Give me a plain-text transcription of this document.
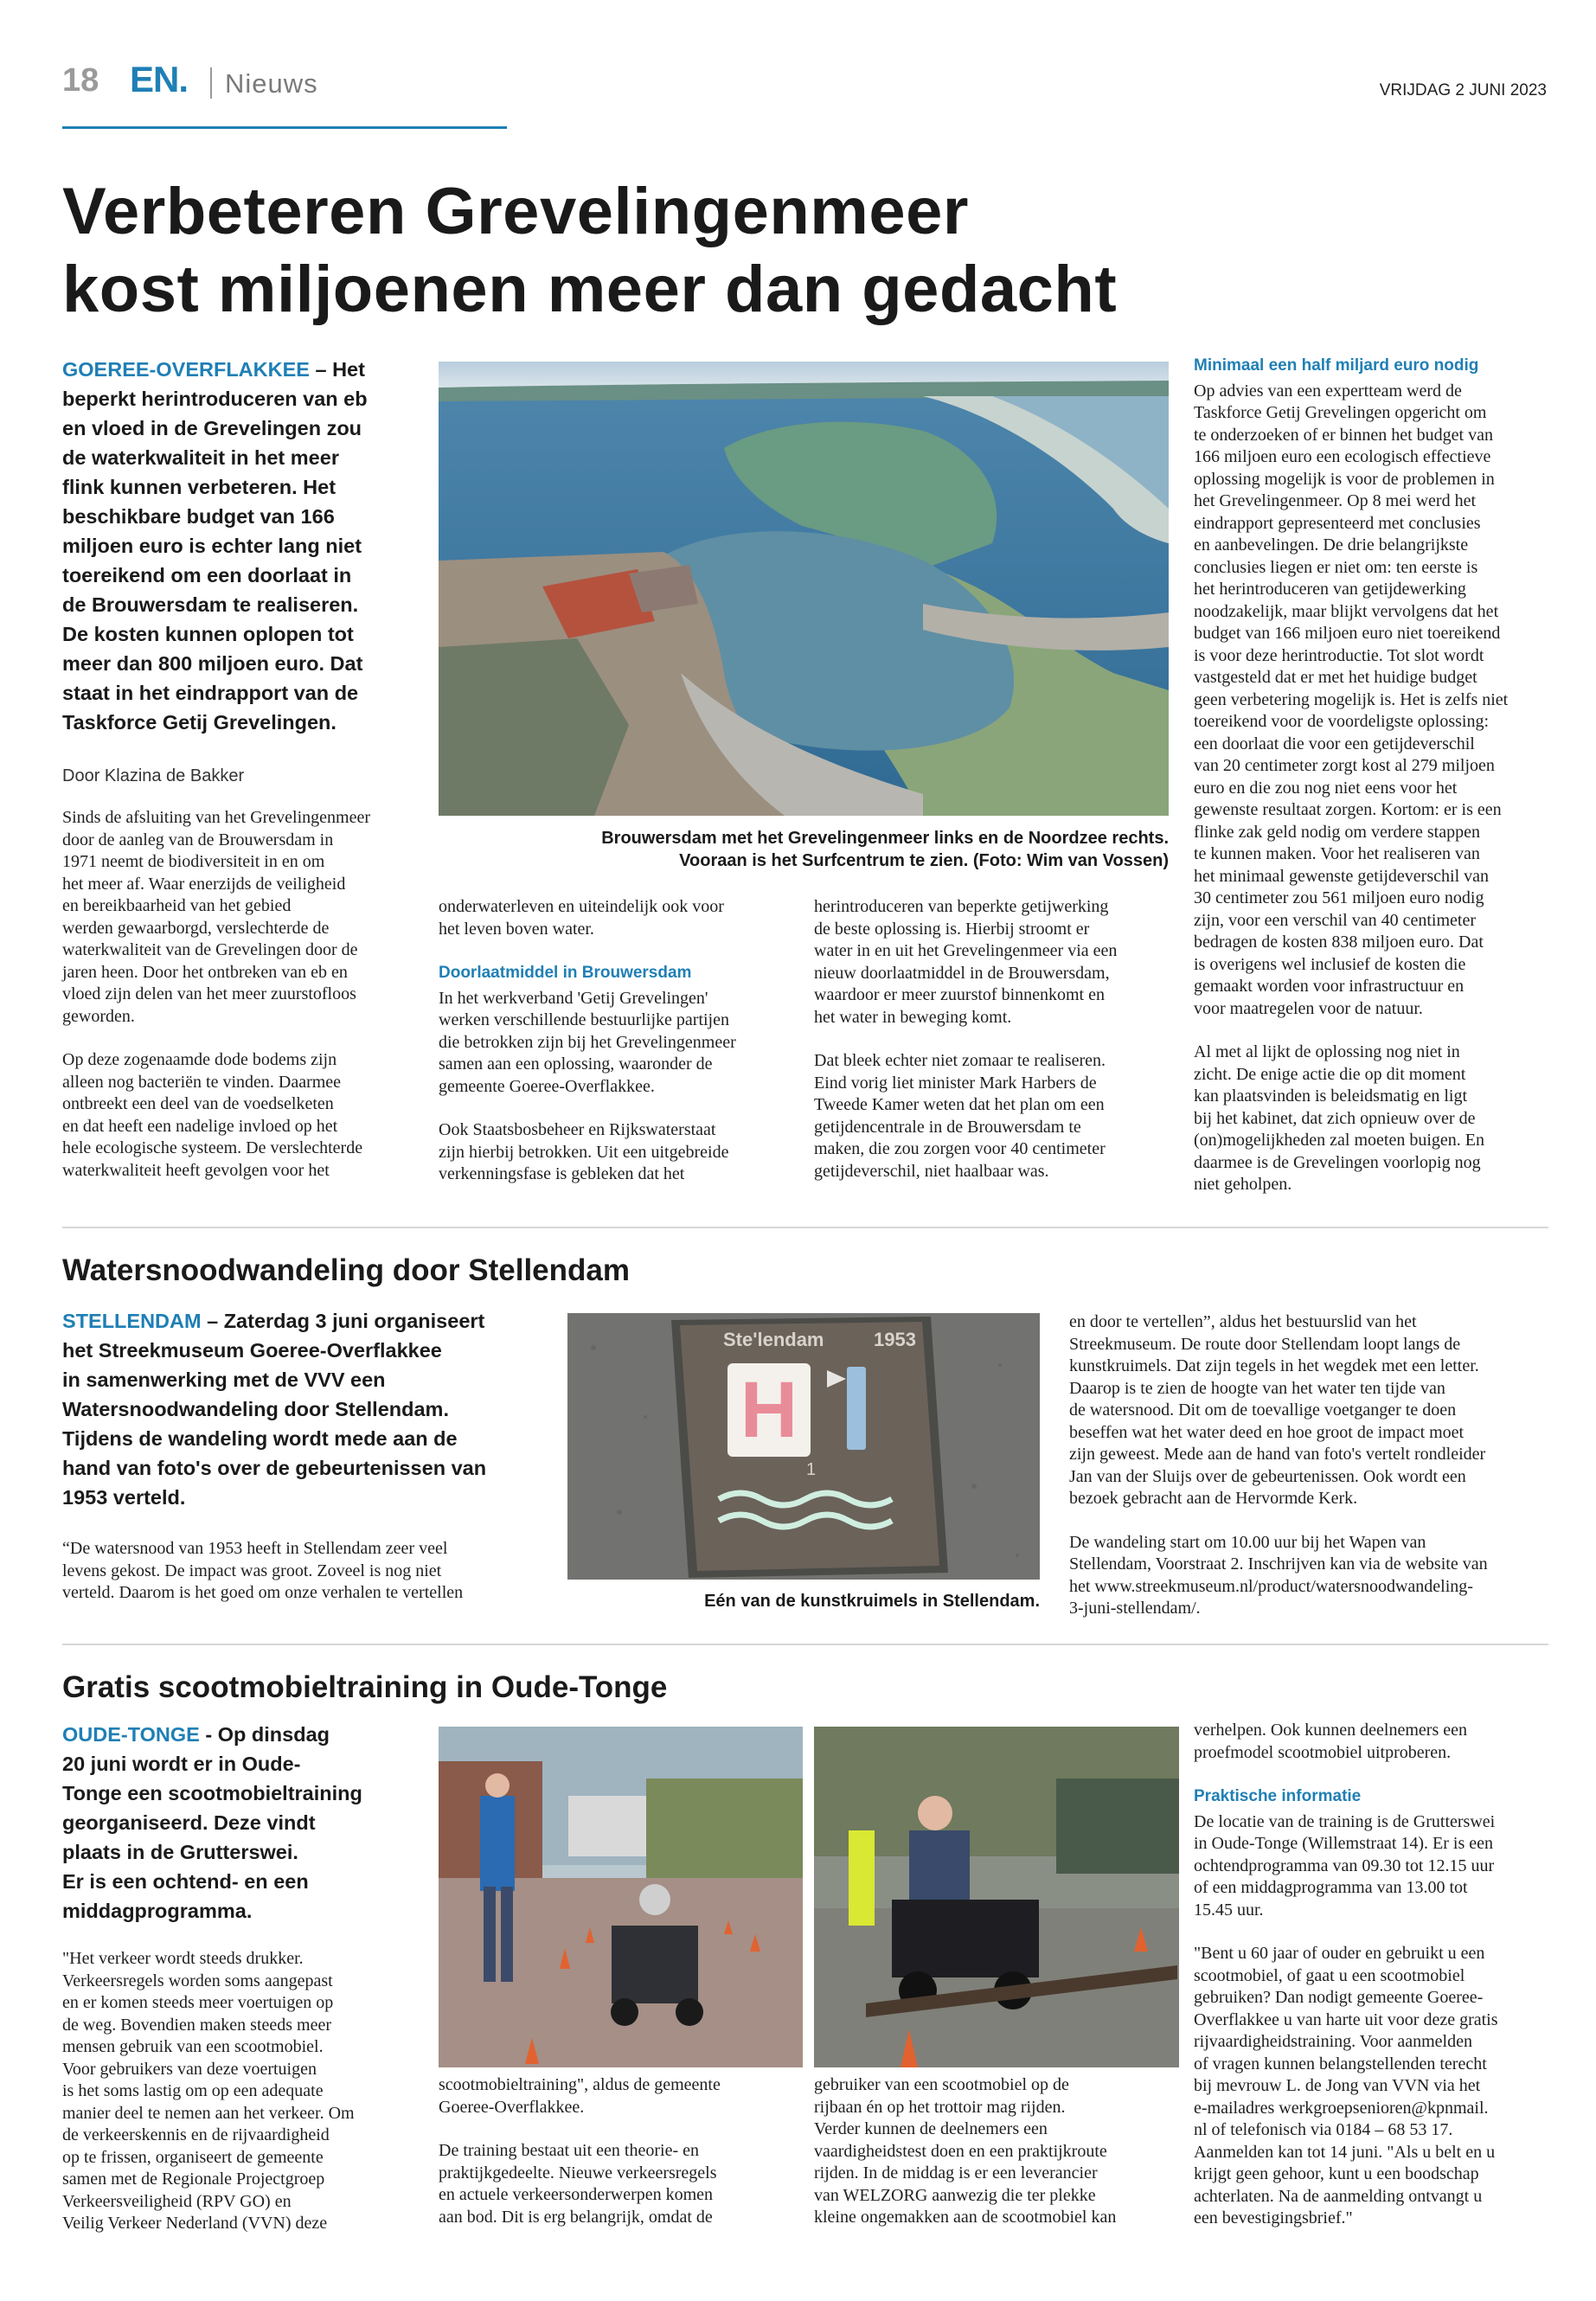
18 EN. Nieuws	VRIJDAG 2 JUNI 2023
Verbeteren Grevelingenmeer
kost miljoenen meer dan gedacht
GOEREE-OVERFLAKKEE – Het
beperkt herintroduceren van eb
en vloed in de Grevelingen zou
de waterkwaliteit in het meer
flink kunnen verbeteren. Het
beschikbare budget van 166
miljoen euro is echter lang niet
toereikend om een doorlaat in
de Brouwersdam te realiseren.
De kosten kunnen oplopen tot
meer dan 800 miljoen euro. Dat
staat in het eindrapport van de
Taskforce Getij Grevelingen.
Door Klazina de Bakker

Sinds de afsluiting van het Grevelingenmeer
door de aanleg van de Brouwersdam in
1971 neemt de biodiversiteit in en om
het meer af. Waar enerzijds de veiligheid
en bereikbaarheid van het gebied
werden gewaarborgd, verslechterde de
waterkwaliteit van de Grevelingen door de
jaren heen. Door het ontbreken van eb en
vloed zijn delen van het meer zuurstofloos
geworden.

Op deze zogenaamde dode bodems zijn
alleen nog bacteriën te vinden. Daarmee
ontbreekt een deel van de voedselketen
en dat heeft een nadelige invloed op het
hele ecologische systeem. De verslechterde
waterkwaliteit heeft gevolgen voor het

Brouwersdam met het Grevelingenmeer links en de Noordzee rechts.
Vooraan is het Surfcentrum te zien. (Foto: Wim van Vossen)

onderwaterleven en uiteindelijk ook voor
het leven boven water.

Doorlaatmiddel in Brouwersdam

In het werkverband 'Getij Grevelingen'
werken verschillende bestuurlijke partijen
die betrokken zijn bij het Grevelingenmeer
samen aan een oplossing, waaronder de
gemeente Goeree-Overflakkee.

Ook Staatsbosbeheer en Rijkswaterstaat
zijn hierbij betrokken. Uit een uitgebreide
verkenningsfase is gebleken dat het

herintroduceren van beperkte getijwerking
de beste oplossing is. Hierbij stroomt er
water in en uit het Grevelingenmeer via een
nieuw doorlaatmiddel in de Brouwersdam,
waardoor er meer zuurstof binnenkomt en
het water in beweging komt.

Dat bleek echter niet zomaar te realiseren.
Eind vorig liet minister Mark Harbers de
Tweede Kamer weten dat het plan om een
getijdencentrale in de Brouwersdam te
maken, die zou zorgen voor 40 centimeter
getijdeverschil, niet haalbaar was.

Minimaal een half miljard euro nodig

Op advies van een expertteam werd de
Taskforce Getij Grevelingen opgericht om
te onderzoeken of er binnen het budget van
166 miljoen euro een ecologisch effectieve
oplossing mogelijk is voor de problemen in
het Grevelingenmeer. Op 8 mei werd het
eindrapport gepresenteerd met conclusies
en aanbevelingen. De drie belangrijkste
conclusies liegen er niet om: ten eerste is
het herintroduceren van getijdewerking
noodzakelijk, maar blijkt vervolgens dat het
budget van 166 miljoen euro niet toereikend
is voor deze herintroductie. Tot slot wordt
vastgesteld dat er met het huidige budget
geen verbetering mogelijk is. Het is zelfs niet
toereikend voor de voordeligste oplossing:
een doorlaat die voor een getijdeverschil
van 20 centimeter zorgt kost al 279 miljoen
euro en die zou nog niet eens voor het
gewenste resultaat zorgen. Kortom: er is een
flinke zak geld nodig om verdere stappen
te kunnen maken. Voor het realiseren van
het minimaal gewenste getijdeverschil van
30 centimeter zou 561 miljoen euro nodig
zijn, voor een verschil van 40 centimeter
bedragen de kosten 838 miljoen euro. Dat
is overigens wel inclusief de kosten die
gemaakt worden voor infrastructuur en
voor maatregelen voor de natuur.

Al met al lijkt de oplossing nog niet in
zicht. De enige actie die op dit moment
kan plaatsvinden is beleidsmatig en ligt
bij het kabinet, dat zich opnieuw over de
(on)mogelijkheden zal moeten buigen. En
daarmee is de Grevelingen voorlopig nog
niet geholpen.

Watersnoodwandeling door Stellendam
STELLENDAM – Zaterdag 3 juni organiseert
het Streekmuseum Goeree-Overflakkee
in samenwerking met de VVV een
Watersnoodwandeling door Stellendam.
Tijdens de wandeling wordt mede aan de
hand van foto's over de gebeurtenissen van
1953 verteld.

“De watersnood van 1953 heeft in Stellendam zeer veel
levens gekost. De impact was groot. Zoveel is nog niet
verteld. Daarom is het goed om onze verhalen te vertellen

Ste'lendam	1953
H
1
Eén van de kunstkruimels in Stellendam.

en door te vertellen”, aldus het bestuurslid van het
Streekmuseum. De route door Stellendam loopt langs de
kunstkruimels. Dat zijn tegels in het wegdek met een letter.
Daarop is te zien de hoogte van het water ten tijde van
de watersnood. Dit om de toevallige voetganger te doen
beseffen wat het water deed en hoe groot de impact moet
zijn geweest. Mede aan de hand van foto's vertelt rondleider
Jan van der Sluijs over de gebeurtenissen. Ook wordt een
bezoek gebracht aan de Hervormde Kerk.

De wandeling start om 10.00 uur bij het Wapen van
Stellendam, Voorstraat 2. Inschrijven kan via de website van
het www.streekmuseum.nl/product/watersnoodwandeling-
3-juni-stellendam/.

Gratis scootmobieltraining in Oude-Tonge
OUDE-TONGE - Op dinsdag
20 juni wordt er in Oude-
Tonge een scootmobieltraining
georganiseerd. Deze vindt
plaats in de Grutterswei.
Er is een ochtend- en een
middagprogramma.

"Het verkeer wordt steeds drukker.
Verkeersregels worden soms aangepast
en er komen steeds meer voertuigen op
de weg. Bovendien maken steeds meer
mensen gebruik van een scootmobiel.
Voor gebruikers van deze voertuigen
is het soms lastig om op een adequate
manier deel te nemen aan het verkeer. Om
de verkeerskennis en de rijvaardigheid
op te frissen, organiseert de gemeente
samen met de Regionale Projectgroep
Verkeersveiligheid (RPV GO) en
Veilig Verkeer Nederland (VVN) deze

scootmobieltraining", aldus de gemeente
Goeree-Overflakkee.

De training bestaat uit een theorie- en
praktijkgedeelte. Nieuwe verkeersregels
en actuele verkeersonderwerpen komen
aan bod. Dit is erg belangrijk, omdat de

gebruiker van een scootmobiel op de
rijbaan én op het trottoir mag rijden.
Verder kunnen de deelnemers een
vaardigheidstest doen en een praktijkroute
rijden. In de middag is er een leverancier
van WELZORG aanwezig die ter plekke
kleine ongemakken aan de scootmobiel kan

verhelpen. Ook kunnen deelnemers een
proefmodel scootmobiel uitproberen.

Praktische informatie

De locatie van de training is de Grutterswei
in Oude-Tonge (Willemstraat 14). Er is een
ochtendprogramma van 09.30 tot 12.15 uur
of een middagprogramma van 13.00 tot
15.45 uur.

"Bent u 60 jaar of ouder en gebruikt u een
scootmobiel, of gaat u een scootmobiel
gebruiken? Dan nodigt gemeente Goeree-
Overflakkee u van harte uit voor deze gratis
rijvaardigheidstraining. Voor aanmelden
of vragen kunnen belangstellenden terecht
bij mevrouw L. de Jong van VVN via het
e-mailadres werkgroepsenioren@kpnmail.
nl of telefonisch via 0184 – 68 53 17.
Aanmelden kan tot 14 juni. "Als u belt en u
krijgt geen gehoor, kunt u een boodschap
achterlaten. Na de aanmelding ontvangt u
een bevestigingsbrief."
